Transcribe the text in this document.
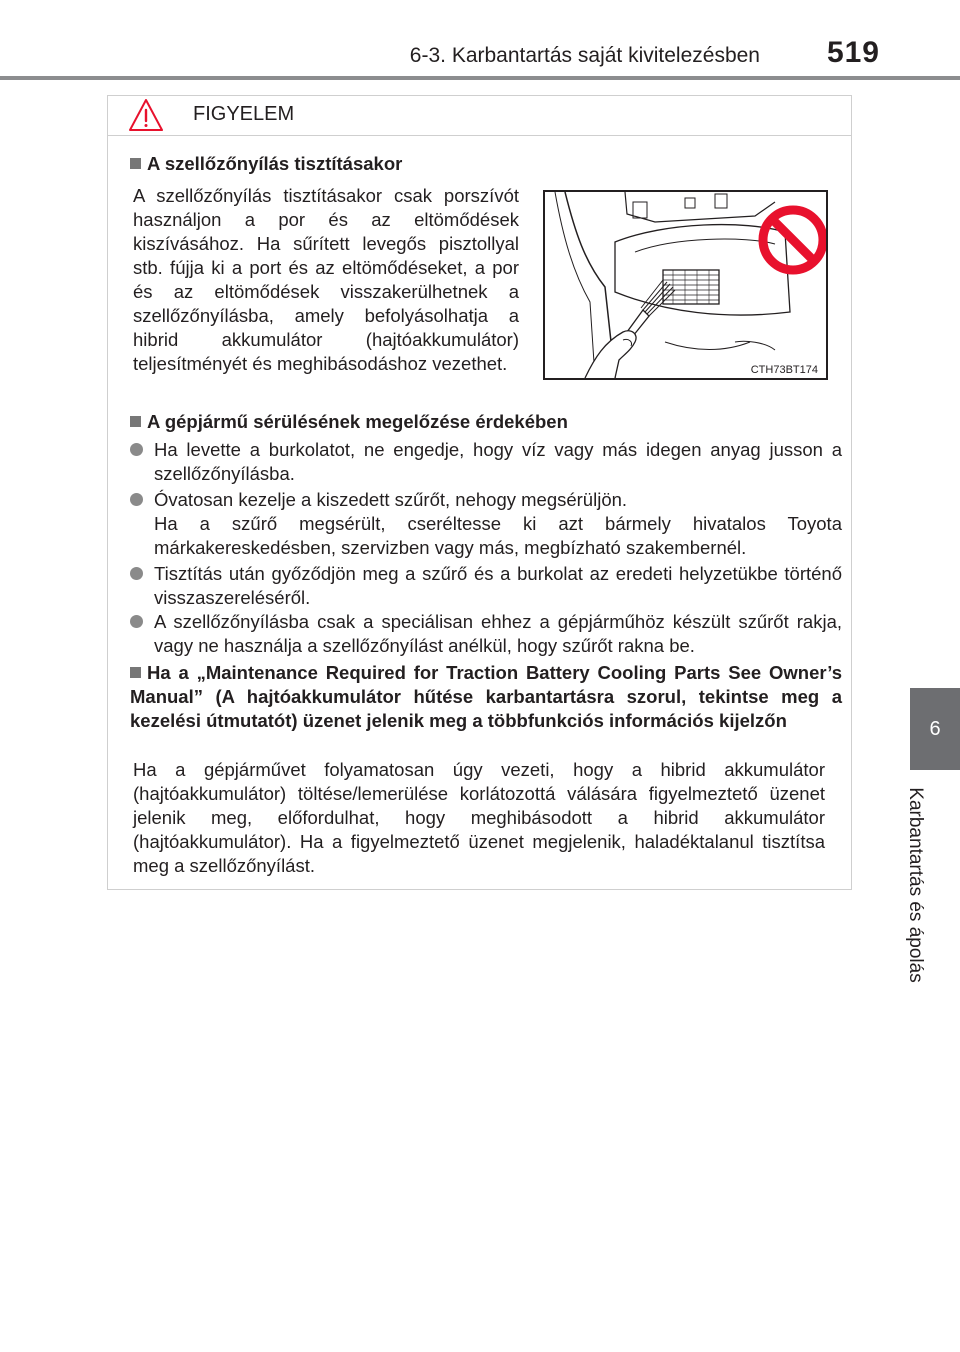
6-3. Karbantartás saját kivitelezésben	519
6
Karbantartás és ápolás
FIGYELEM
A szellőzőnyílás tisztításakor

A szellőzőnyílás tisztításakor csak porszívót használjon a por és az eltömődések kiszívásához. Ha sűrített levegős pisztollyal stb. fújja ki a port és az eltömődéseket, a por és az eltömődések visszakerülhetnek a szellőzőnyílásba, amely befolyásolhatja a hibrid akkumulátor (hajtóakkumulátor) teljesítményét és meghibásodáshoz vezethet.	CTH73BT174
A gépjármű sérülésének megelőzése érdekében
Ha levette a burkolatot, ne engedje, hogy víz vagy más idegen anyag jusson a szellőzőnyílásba.
Óvatosan kezelje a kiszedett szűrőt, nehogy megsérüljön.
Ha a szűrő megsérült, cseréltesse ki azt bármely hivatalos Toyota márkakereskedésben, szervizben vagy más, megbízható szakembernél.
Tisztítás után győződjön meg a szűrő és a burkolat az eredeti helyzetükbe történő visszaszereléséről.
A szellőzőnyílásba csak a speciálisan ehhez a gépjárműhöz készült szűrőt rakja, vagy ne használja a szellőzőnyílást anélkül, hogy szűrőt rakna be.
Ha a „Maintenance Required for Traction Battery Cooling Parts See Owner’s Manual” (A hajtóakkumulátor hűtése karbantartásra szorul, tekintse meg a kezelési útmutatót) üzenet jelenik meg a többfunkciós információs kijelzőn

Ha a gépjárművet folyamatosan úgy vezeti, hogy a hibrid akkumulátor (hajtóakkumulátor) töltése/lemerülése korlátozottá válására figyelmeztető üzenet jelenik meg, előfordulhat, hogy meghibásodott a hibrid akkumulátor (hajtóakkumulátor). Ha a figyelmeztető üzenet megjelenik, haladéktalanul tisztítsa meg a szellőzőnyílást.
